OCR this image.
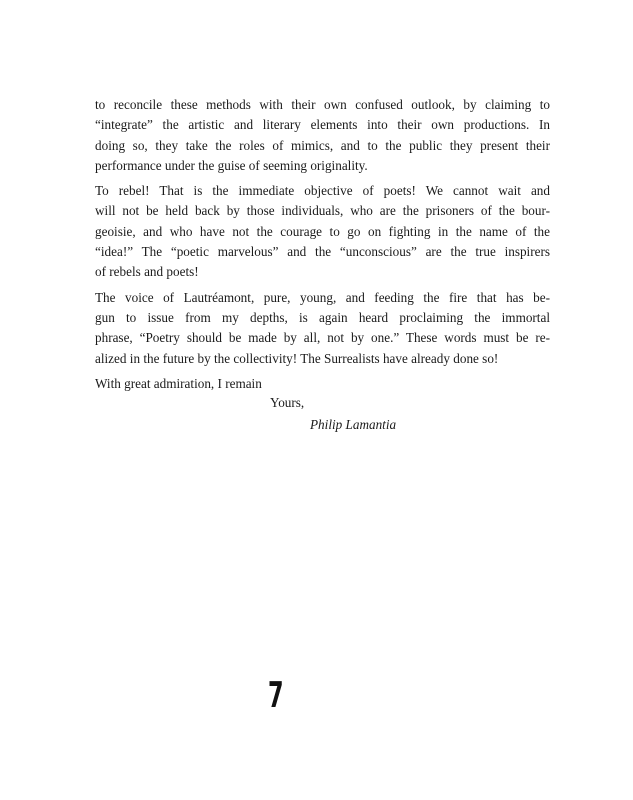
to reconcile these methods with their own confused outlook, by claiming to
“integrate” the artistic and literary elements into their own productions. In
doing so, they take the roles of mimics, and to the public they present their
performance under the guise of seeming originality.
To rebel! That is the immediate objective of poets! We cannot wait and
will not be held back by those individuals, who are the prisoners of the bour-
geoisie, and who have not the courage to go on fighting in the name of the
“idea!” The “poetic marvelous” and the “unconscious” are the true inspirers
of rebels and poets!
The voice of Lautréamont, pure, young, and feeding the fire that has be-
gun to issue from my depths, is again heard proclaiming the immortal
phrase, “Poetry should be made by all, not by one.” These words must be re-
alized in the future by the collectivity! The Surrealists have already done so!
With great admiration, I remain
Yours,
Philip Lamantia
7
